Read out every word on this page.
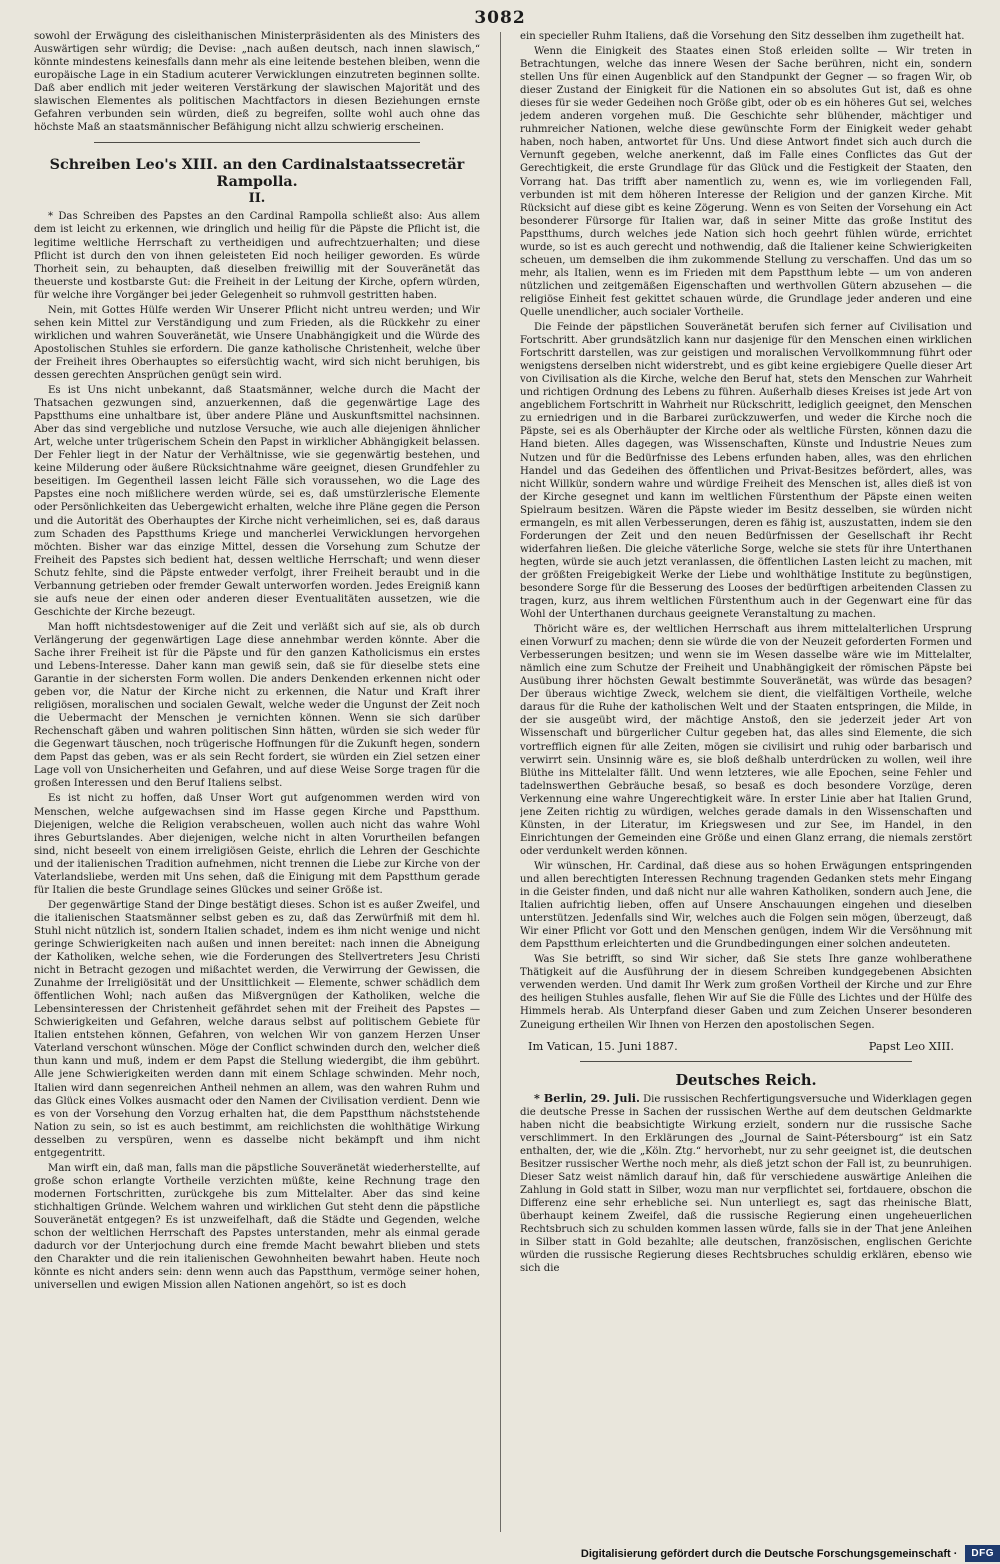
3082

sowohl der Erwägung des cisleithanischen Ministerpräsidenten als des Ministers des Auswärtigen sehr würdig; die Devise: „nach außen deutsch, nach innen slawisch,“ könnte mindestens keinesfalls dann mehr als eine leitende bestehen bleiben, wenn die europäische Lage in ein Stadium acuterer Verwicklungen einzutreten beginnen sollte. Daß aber endlich mit jeder weiteren Verstärkung der slawischen Majorität und des slawischen Elementes als politischen Machtfactors in diesen Beziehungen ernste Gefahren verbunden sein würden, dieß zu begreifen, sollte wohl auch ohne das höchste Maß an staatsmännischer Befähigung nicht allzu schwierig erscheinen.

Schreiben Leo's XIII. an den Cardinalstaatssecretär Rampolla.
II.

* Das Schreiben des Papstes an den Cardinal Rampolla schließt also: Aus allem dem ist leicht zu erkennen, wie dringlich und heilig für die Päpste die Pflicht ist, die legitime weltliche Herrschaft zu vertheidigen und aufrechtzuerhalten; und diese Pflicht ist durch den von ihnen geleisteten Eid noch heiliger geworden. Es würde Thorheit sein, zu behaupten, daß dieselben freiwillig mit der Souveränetät das theuerste und kostbarste Gut: die Freiheit in der Leitung der Kirche, opfern würden, für welche ihre Vorgänger bei jeder Gelegenheit so ruhmvoll gestritten haben.

Nein, mit Gottes Hülfe werden Wir Unserer Pflicht nicht untreu werden; und Wir sehen kein Mittel zur Verständigung und zum Frieden, als die Rückkehr zu einer wirklichen und wahren Souveränetät, wie Unsere Unabhängigkeit und die Würde des Apostolischen Stuhles sie erfordern. Die ganze katholische Christenheit, welche über der Freiheit ihres Oberhauptes so eifersüchtig wacht, wird sich nicht beruhigen, bis dessen gerechten Ansprüchen genügt sein wird.

Es ist Uns nicht unbekannt, daß Staatsmänner, welche durch die Macht der Thatsachen gezwungen sind, anzuerkennen, daß die gegenwärtige Lage des Papstthums eine unhaltbare ist, über andere Pläne und Auskunftsmittel nachsinnen. Aber das sind vergebliche und nutzlose Versuche, wie auch alle diejenigen ähnlicher Art, welche unter trügerischem Schein den Papst in wirklicher Abhängigkeit belassen. Der Fehler liegt in der Natur der Verhältnisse, wie sie gegenwärtig bestehen, und keine Milderung oder äußere Rücksichtnahme wäre geeignet, diesen Grundfehler zu beseitigen. Im Gegentheil lassen leicht Fälle sich voraussehen, wo die Lage des Papstes eine noch mißlichere werden würde, sei es, daß umstürzlerische Elemente oder Persönlichkeiten das Uebergewicht erhalten, welche ihre Pläne gegen die Person und die Autorität des Oberhauptes der Kirche nicht verheimlichen, sei es, daß daraus zum Schaden des Papstthums Kriege und mancherlei Verwicklungen hervorgehen möchten. Bisher war das einzige Mittel, dessen die Vorsehung zum Schutze der Freiheit des Papstes sich bedient hat, dessen weltliche Herrschaft; und wenn dieser Schutz fehlte, sind die Päpste entweder verfolgt, ihrer Freiheit beraubt und in die Verbannung getrieben oder fremder Gewalt unterworfen worden. Jedes Ereigniß kann sie aufs neue der einen oder anderen dieser Eventualitäten aussetzen, wie die Geschichte der Kirche bezeugt.

Man hofft nichtsdestoweniger auf die Zeit und verläßt sich auf sie, als ob durch Verlängerung der gegenwärtigen Lage diese annehmbar werden könnte. Aber die Sache ihrer Freiheit ist für die Päpste und für den ganzen Katholicismus ein erstes und Lebens-Interesse. Daher kann man gewiß sein, daß sie für dieselbe stets eine Garantie in der sichersten Form wollen. Die anders Denkenden erkennen nicht oder geben vor, die Natur der Kirche nicht zu erkennen, die Natur und Kraft ihrer religiösen, moralischen und socialen Gewalt, welche weder die Ungunst der Zeit noch die Uebermacht der Menschen je vernichten können. Wenn sie sich darüber Rechenschaft gäben und wahren politischen Sinn hätten, würden sie sich weder für die Gegenwart täuschen, noch trügerische Hoffnungen für die Zukunft hegen, sondern dem Papst das geben, was er als sein Recht fordert, sie würden ein Ziel setzen einer Lage voll von Unsicherheiten und Gefahren, und auf diese Weise Sorge tragen für die großen Interessen und den Beruf Italiens selbst.

Es ist nicht zu hoffen, daß Unser Wort gut aufgenommen werden wird von Menschen, welche aufgewachsen sind im Hasse gegen Kirche und Papstthum. Diejenigen, welche die Religion verabscheuen, wollen auch nicht das wahre Wohl ihres Geburtslandes. Aber diejenigen, welche nicht in alten Vorurtheilen befangen sind, nicht beseelt von einem irreligiösen Geiste, ehrlich die Lehren der Geschichte und der italienischen Tradition aufnehmen, nicht trennen die Liebe zur Kirche von der Vaterlandsliebe, werden mit Uns sehen, daß die Einigung mit dem Papstthum gerade für Italien die beste Grundlage seines Glückes und seiner Größe ist.

Der gegenwärtige Stand der Dinge bestätigt dieses. Schon ist es außer Zweifel, und die italienischen Staatsmänner selbst geben es zu, daß das Zerwürfniß mit dem hl. Stuhl nicht nützlich ist, sondern Italien schadet, indem es ihm nicht wenige und nicht geringe Schwierigkeiten nach außen und innen bereitet: nach innen die Abneigung der Katholiken, welche sehen, wie die Forderungen des Stellvertreters Jesu Christi nicht in Betracht gezogen und mißachtet werden, die Verwirrung der Gewissen, die Zunahme der Irreligiösität und der Unsittlichkeit — Elemente, schwer schädlich dem öffentlichen Wohl; nach außen das Mißvergnügen der Katholiken, welche die Lebensinteressen der Christenheit gefährdet sehen mit der Freiheit des Papstes — Schwierigkeiten und Gefahren, welche daraus selbst auf politischem Gebiete für Italien entstehen können, Gefahren, von welchen Wir von ganzem Herzen Unser Vaterland verschont wünschen. Möge der Conflict schwinden durch den, welcher dieß thun kann und muß, indem er dem Papst die Stellung wiedergibt, die ihm gebührt. Alle jene Schwierigkeiten werden dann mit einem Schlage schwinden. Mehr noch, Italien wird dann segenreichen Antheil nehmen an allem, was den wahren Ruhm und das Glück eines Volkes ausmacht oder den Namen der Civilisation verdient. Denn wie es von der Vorsehung den Vorzug erhalten hat, die dem Papstthum nächststehende Nation zu sein, so ist es auch bestimmt, am reichlichsten die wohlthätige Wirkung desselben zu verspüren, wenn es dasselbe nicht bekämpft und ihm nicht entgegentritt.

Man wirft ein, daß man, falls man die päpstliche Souveränetät wiederherstellte, auf große schon erlangte Vortheile verzichten müßte, keine Rechnung trage den modernen Fortschritten, zurückgehe bis zum Mittelalter. Aber das sind keine stichhaltigen Gründe. Welchem wahren und wirklichen Gut steht denn die päpstliche Souveränetät entgegen? Es ist unzweifelhaft, daß die Städte und Gegenden, welche schon der weltlichen Herrschaft des Papstes unterstanden, mehr als einmal gerade dadurch vor der Unterjochung durch eine fremde Macht bewahrt blieben und stets den Charakter und die rein italienischen Gewohnheiten bewahrt haben. Heute noch könnte es nicht anders sein: denn wenn auch das Papstthum, vermöge seiner hohen, universellen und ewigen Mission allen Nationen angehört, so ist es doch

ein specieller Ruhm Italiens, daß die Vorsehung den Sitz desselben ihm zugetheilt hat.

Wenn die Einigkeit des Staates einen Stoß erleiden sollte — Wir treten in Betrachtungen, welche das innere Wesen der Sache berühren, nicht ein, sondern stellen Uns für einen Augenblick auf den Standpunkt der Gegner — so fragen Wir, ob dieser Zustand der Einigkeit für die Nationen ein so absolutes Gut ist, daß es ohne dieses für sie weder Gedeihen noch Größe gibt, oder ob es ein höheres Gut sei, welches jedem anderen vorgehen muß. Die Geschichte sehr blühender, mächtiger und ruhmreicher Nationen, welche diese gewünschte Form der Einigkeit weder gehabt haben, noch haben, antwortet für Uns. Und diese Antwort findet sich auch durch die Vernunft gegeben, welche anerkennt, daß im Falle eines Conflictes das Gut der Gerechtigkeit, die erste Grundlage für das Glück und die Festigkeit der Staaten, den Vorrang hat. Das trifft aber namentlich zu, wenn es, wie im vorliegenden Fall, verbunden ist mit dem höheren Interesse der Religion und der ganzen Kirche. Mit Rücksicht auf diese gibt es keine Zögerung. Wenn es von Seiten der Vorsehung ein Act besonderer Fürsorge für Italien war, daß in seiner Mitte das große Institut des Papstthums, durch welches jede Nation sich hoch geehrt fühlen würde, errichtet wurde, so ist es auch gerecht und nothwendig, daß die Italiener keine Schwierigkeiten scheuen, um demselben die ihm zukommende Stellung zu verschaffen. Und das um so mehr, als Italien, wenn es im Frieden mit dem Papstthum lebte — um von anderen nützlichen und zeitgemäßen Eigenschaften und werthvollen Gütern abzusehen — die religiöse Einheit fest gekittet schauen würde, die Grundlage jeder anderen und eine Quelle unendlicher, auch socialer Vortheile.

Die Feinde der päpstlichen Souveränetät berufen sich ferner auf Civilisation und Fortschritt. Aber grundsätzlich kann nur dasjenige für den Menschen einen wirklichen Fortschritt darstellen, was zur geistigen und moralischen Vervollkommnung führt oder wenigstens derselben nicht widerstrebt, und es gibt keine ergiebigere Quelle dieser Art von Civilisation als die Kirche, welche den Beruf hat, stets den Menschen zur Wahrheit und richtigen Ordnung des Lebens zu führen. Außerhalb dieses Kreises ist jede Art von angeblichem Fortschritt in Wahrheit nur Rückschritt, lediglich geeignet, den Menschen zu erniedrigen und in die Barbarei zurückzuwerfen, und weder die Kirche noch die Päpste, sei es als Oberhäupter der Kirche oder als weltliche Fürsten, können dazu die Hand bieten. Alles dagegen, was Wissenschaften, Künste und Industrie Neues zum Nutzen und für die Bedürfnisse des Lebens erfunden haben, alles, was den ehrlichen Handel und das Gedeihen des öffentlichen und Privat-Besitzes befördert, alles, was nicht Willkür, sondern wahre und würdige Freiheit des Menschen ist, alles dieß ist von der Kirche gesegnet und kann im weltlichen Fürstenthum der Päpste einen weiten Spielraum besitzen. Wären die Päpste wieder im Besitz desselben, sie würden nicht ermangeln, es mit allen Verbesserungen, deren es fähig ist, auszustatten, indem sie den Forderungen der Zeit und den neuen Bedürfnissen der Gesellschaft ihr Recht widerfahren ließen. Die gleiche väterliche Sorge, welche sie stets für ihre Unterthanen hegten, würde sie auch jetzt veranlassen, die öffentlichen Lasten leicht zu machen, mit der größten Freigebigkeit Werke der Liebe und wohlthätige Institute zu begünstigen, besondere Sorge für die Besserung des Looses der bedürftigen arbeitenden Classen zu tragen, kurz, aus ihrem weltlichen Fürstenthum auch in der Gegenwart eine für das Wohl der Unterthanen durchaus geeignete Veranstaltung zu machen.

Thöricht wäre es, der weltlichen Herrschaft aus ihrem mittelalterlichen Ursprung einen Vorwurf zu machen; denn sie würde die von der Neuzeit geforderten Formen und Verbesserungen besitzen; und wenn sie im Wesen dasselbe wäre wie im Mittelalter, nämlich eine zum Schutze der Freiheit und Unabhängigkeit der römischen Päpste bei Ausübung ihrer höchsten Gewalt bestimmte Souveränetät, was würde das besagen? Der überaus wichtige Zweck, welchem sie dient, die vielfältigen Vortheile, welche daraus für die Ruhe der katholischen Welt und der Staaten entspringen, die Milde, in der sie ausgeübt wird, der mächtige Anstoß, den sie jederzeit jeder Art von Wissenschaft und bürgerlicher Cultur gegeben hat, das alles sind Elemente, die sich vortrefflich eignen für alle Zeiten, mögen sie civilisirt und ruhig oder barbarisch und verwirrt sein. Unsinnig wäre es, sie bloß deßhalb unterdrücken zu wollen, weil ihre Blüthe ins Mittelalter fällt. Und wenn letzteres, wie alle Epochen, seine Fehler und tadelnswerthen Gebräuche besaß, so besaß es doch besondere Vorzüge, deren Verkennung eine wahre Ungerechtigkeit wäre. In erster Linie aber hat Italien Grund, jene Zeiten richtig zu würdigen, welches gerade damals in den Wissenschaften und Künsten, in der Literatur, im Kriegswesen und zur See, im Handel, in den Einrichtungen der Gemeinden eine Größe und einen Glanz errang, die niemals zerstört oder verdunkelt werden können.

Wir wünschen, Hr. Cardinal, daß diese aus so hohen Erwägungen entspringenden und allen berechtigten Interessen Rechnung tragenden Gedanken stets mehr Eingang in die Geister finden, und daß nicht nur alle wahren Katholiken, sondern auch Jene, die Italien aufrichtig lieben, offen auf Unsere Anschauungen eingehen und dieselben unterstützen. Jedenfalls sind Wir, welches auch die Folgen sein mögen, überzeugt, daß Wir einer Pflicht vor Gott und den Menschen genügen, indem Wir die Versöhnung mit dem Papstthum erleichterten und die Grundbedingungen einer solchen andeuteten.

Was Sie betrifft, so sind Wir sicher, daß Sie stets Ihre ganze wohlberathene Thätigkeit auf die Ausführung der in diesem Schreiben kundgegebenen Absichten verwenden werden. Und damit Ihr Werk zum großen Vortheil der Kirche und zur Ehre des heiligen Stuhles ausfalle, flehen Wir auf Sie die Fülle des Lichtes und der Hülfe des Himmels herab. Als Unterpfand dieser Gaben und zum Zeichen Unserer besonderen Zuneigung ertheilen Wir Ihnen von Herzen den apostolischen Segen.

Im Vatican, 15. Juni 1887.	Papst Leo XIII.
Deutsches Reich.

* Berlin, 29. Juli. Die russischen Rechfertigungsversuche und Widerklagen gegen die deutsche Presse in Sachen der russischen Werthe auf dem deutschen Geldmarkte haben nicht die beabsichtigte Wirkung erzielt, sondern nur die russische Sache verschlimmert. In den Erklärungen des „Journal de Saint-Pétersbourg“ ist ein Satz enthalten, der, wie die „Köln. Ztg.“ hervorhebt, nur zu sehr geeignet ist, die deutschen Besitzer russischer Werthe noch mehr, als dieß jetzt schon der Fall ist, zu beunruhigen. Dieser Satz weist nämlich darauf hin, daß für verschiedene auswärtige Anleihen die Zahlung in Gold statt in Silber, wozu man nur verpflichtet sei, fortdauere, obschon die Differenz eine sehr erhebliche sei. Nun unterliegt es, sagt das rheinische Blatt, überhaupt keinem Zweifel, daß die russische Regierung einen ungeheuerlichen Rechtsbruch sich zu schulden kommen lassen würde, falls sie in der That jene Anleihen in Silber statt in Gold bezahlte; alle deutschen, französischen, englischen Gerichte würden die russische Regierung dieses Rechtsbruches schuldig erklären, ebenso wie sich die

Digitalisierung gefördert durch die Deutsche Forschungsgemeinschaft ·	DFG
